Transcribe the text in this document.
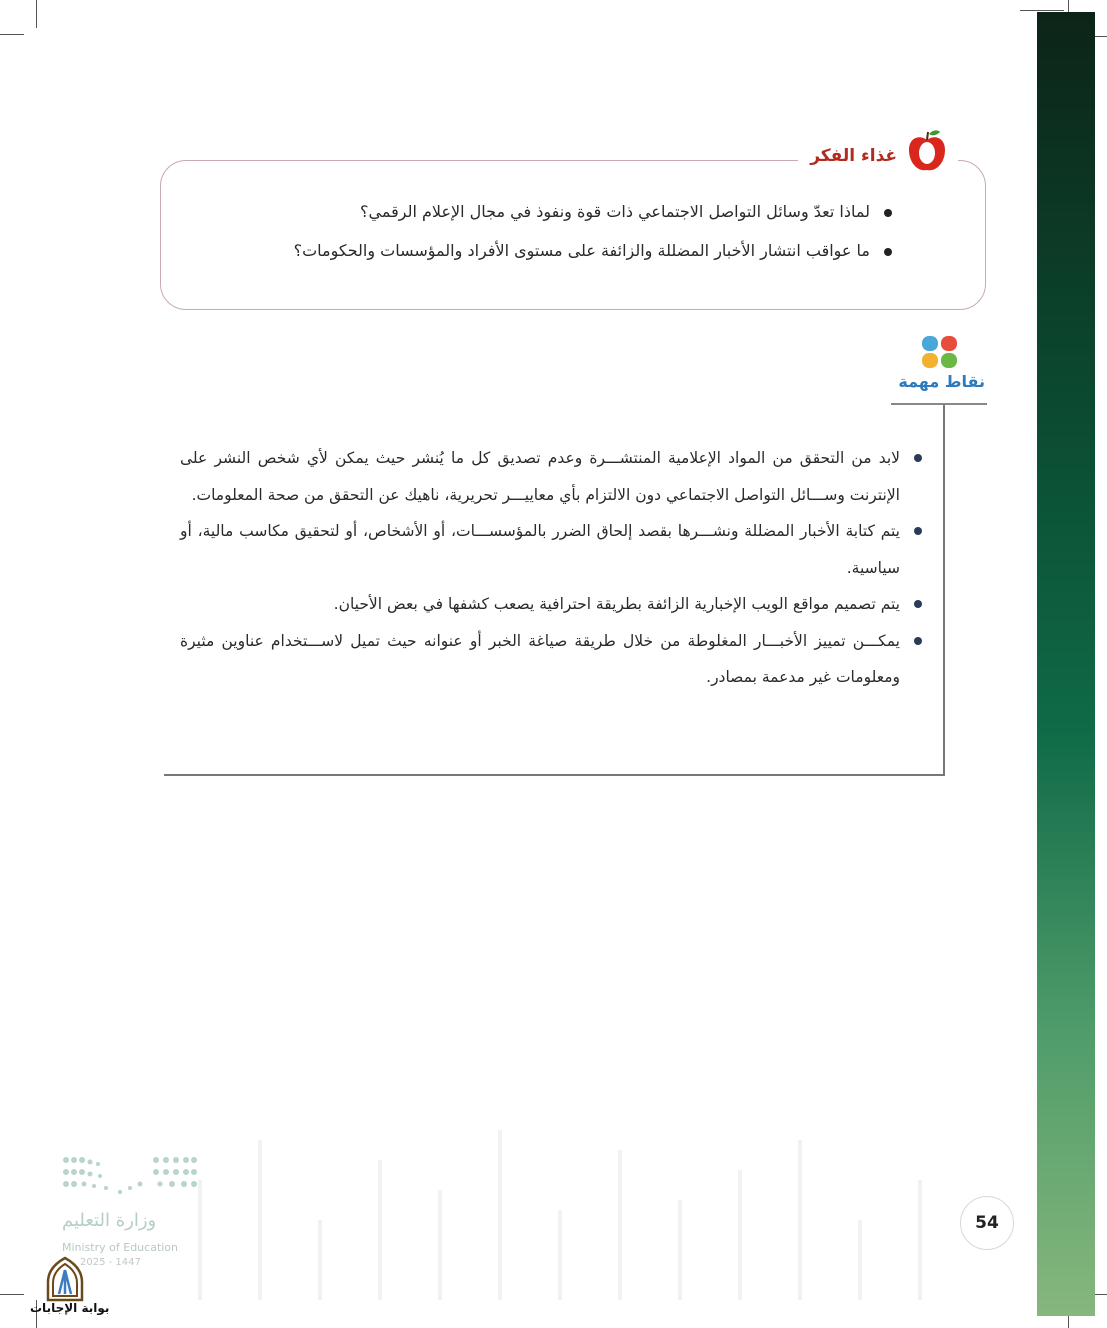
غذاء الفكر
لماذا تعدّ وسائل التواصل الاجتماعي ذات قوة ونفوذ في مجال الإعلام الرقمي؟
ما عواقب انتشار الأخبار المضللة والزائفة على مستوى الأفراد والمؤسسات والحكومات؟
نقاط مهمة
لابد من التحقق من المواد الإعلامية المنتشـــرة وعدم تصديق كل ما يُنشر حيث يمكن لأي شخص النشر على الإنترنت وســـائل التواصل الاجتماعي دون الالتزام بأي معاييـــر تحريرية، ناهيك عن التحقق من صحة المعلومات.
يتم كتابة الأخبار المضللة ونشـــرها بقصد إلحاق الضرر بالمؤسســـات، أو الأشخاص، أو لتحقيق مكاسب مالية، أو سياسية.
يتم تصميم مواقع الويب الإخبارية الزائفة بطريقة احترافية يصعب كشفها في بعض الأحيان.
يمكـــن تمييز الأخبـــار المغلوطة من خلال طريقة صياغة الخبر أو عنوانه حيث تميل لاســـتخدام عناوين مثيرة ومعلومات غير مدعمة بمصادر.
54
وزارة التعليم
Ministry of Education
2025 - 1447
بوابة الإجابات
